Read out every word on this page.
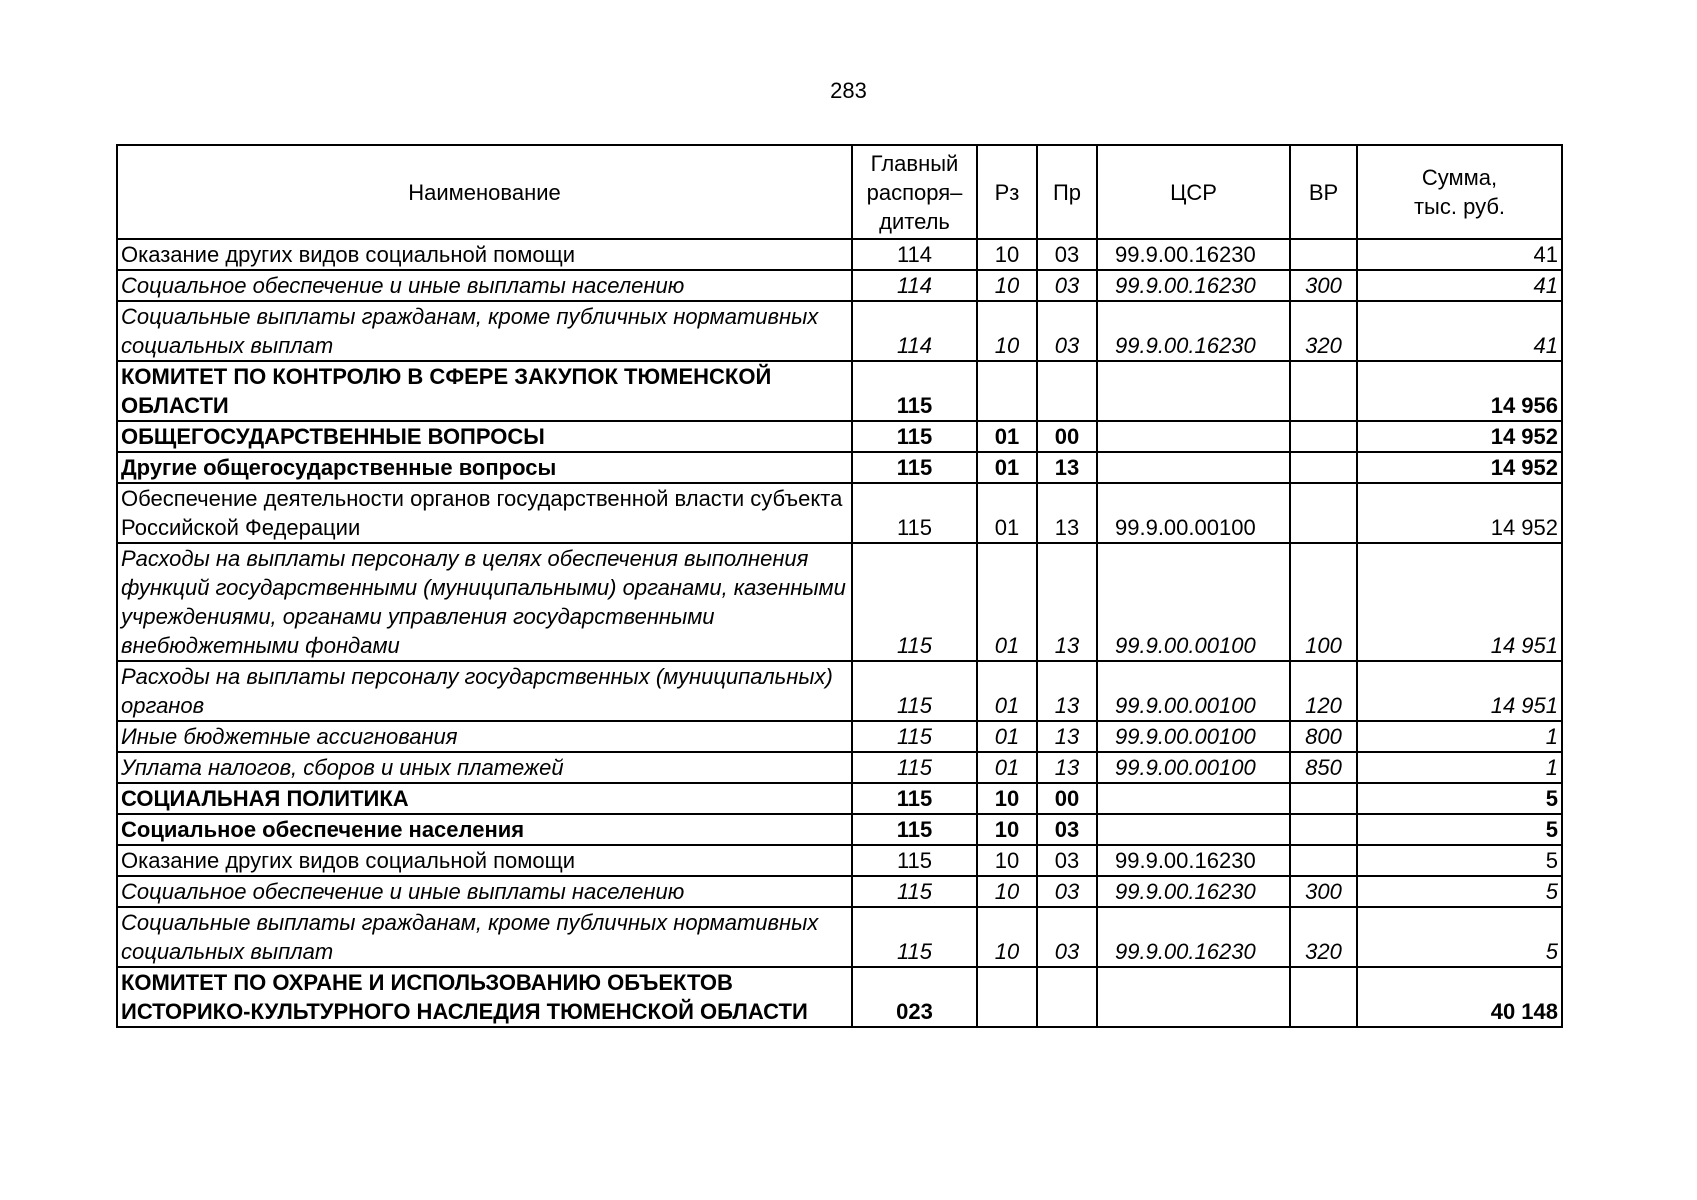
283
Наименование	Главный
распоря–
дитель	Рз	Пр	ЦСР	ВР	Сумма,
тыс. руб.

Оказание других видов социальной помощи	114	10	03	99.9.00.16230		41
Социальное обеспечение и иные выплаты населению	114	10	03	99.9.00.16230	300	41
Социальные выплаты гражданам, кроме публичных нормативных социальных выплат	114	10	03	99.9.00.16230	320	41
КОМИТЕТ ПО КОНТРОЛЮ В СФЕРЕ ЗАКУПОК ТЮМЕНСКОЙ ОБЛАСТИ	115					14 956
ОБЩЕГОСУДАРСТВЕННЫЕ ВОПРОСЫ	115	01	00			14 952
Другие общегосударственные вопросы	115	01	13			14 952
Обеспечение деятельности органов государственной власти субъекта Российской Федерации	115	01	13	99.9.00.00100		14 952
Расходы на выплаты персоналу в целях обеспечения выполнения функций государственными (муниципальными) органами, казенными учреждениями, органами управления государственными внебюджетными фондами	115	01	13	99.9.00.00100	100	14 951
Расходы на выплаты персоналу государственных (муниципальных) органов	115	01	13	99.9.00.00100	120	14 951
Иные бюджетные ассигнования	115	01	13	99.9.00.00100	800	1
Уплата налогов, сборов и иных платежей	115	01	13	99.9.00.00100	850	1
СОЦИАЛЬНАЯ ПОЛИТИКА	115	10	00			5
Социальное обеспечение населения	115	10	03			5
Оказание других видов социальной помощи	115	10	03	99.9.00.16230		5
Социальное обеспечение и иные выплаты населению	115	10	03	99.9.00.16230	300	5
Социальные выплаты гражданам, кроме публичных нормативных социальных выплат	115	10	03	99.9.00.16230	320	5
КОМИТЕТ ПО ОХРАНЕ И ИСПОЛЬЗОВАНИЮ ОБЪЕКТОВ ИСТОРИКО-КУЛЬТУРНОГО НАСЛЕДИЯ ТЮМЕНСКОЙ ОБЛАСТИ	023					40 148
